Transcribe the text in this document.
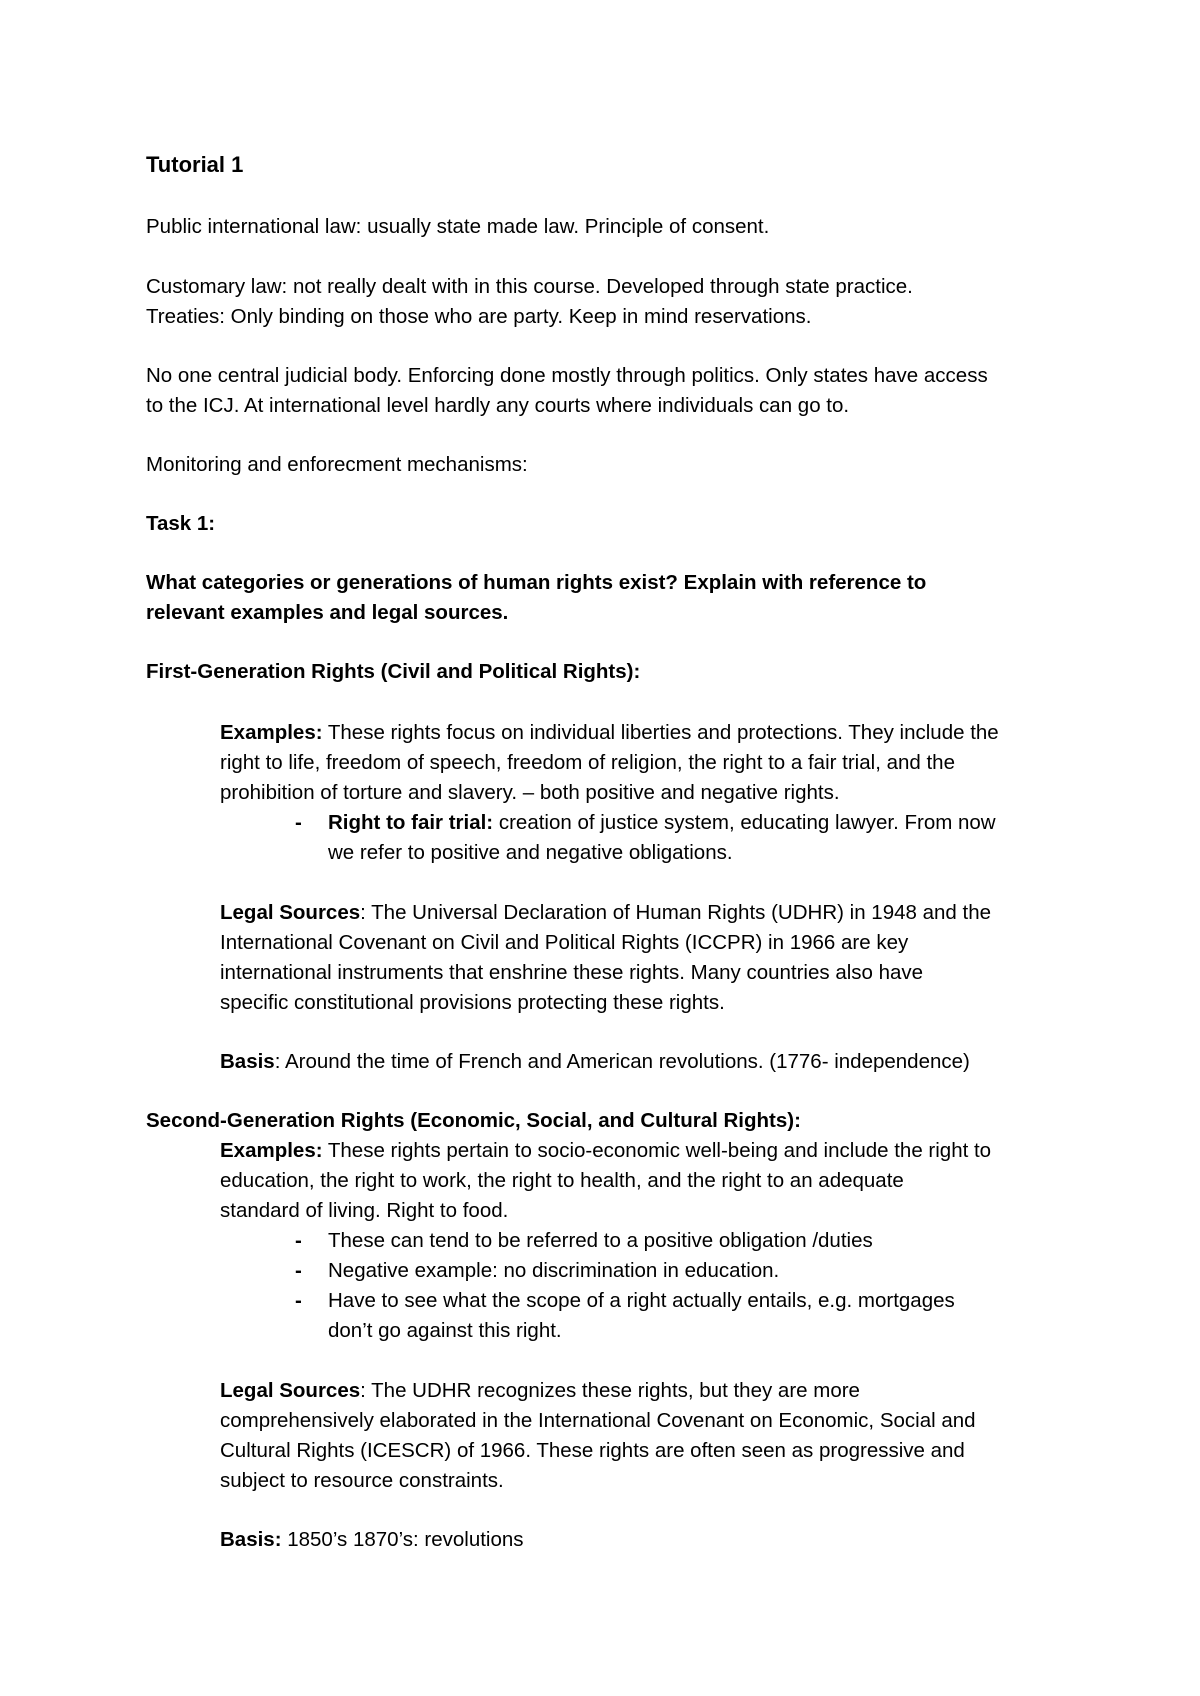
Tutorial 1
Public international law: usually state made law. Principle of consent.
Customary law: not really dealt with in this course. Developed through state practice.
Treaties: Only binding on those who are party. Keep in mind reservations.
No one central judicial body. Enforcing done mostly through politics. Only states have access
to the ICJ. At international level hardly any courts where individuals can go to.
Monitoring and enforecment mechanisms:
Task 1:
What categories or generations of human rights exist? Explain with reference to
relevant examples and legal sources.
First-Generation Rights (Civil and Political Rights):
Examples: These rights focus on individual liberties and protections. They include the
right to life, freedom of speech, freedom of religion, the right to a fair trial, and the
prohibition of torture and slavery. – both positive and negative rights.
- Right to fair trial: creation of justice system, educating lawyer. From now
we refer to positive and negative obligations.
Legal Sources: The Universal Declaration of Human Rights (UDHR) in 1948 and the
International Covenant on Civil and Political Rights (ICCPR) in 1966 are key
international instruments that enshrine these rights. Many countries also have
specific constitutional provisions protecting these rights.
Basis: Around the time of French and American revolutions. (1776- independence)
Second-Generation Rights (Economic, Social, and Cultural Rights):
Examples: These rights pertain to socio-economic well-being and include the right to
education, the right to work, the right to health, and the right to an adequate
standard of living. Right to food.
- These can tend to be referred to a positive obligation /duties
- Negative example: no discrimination in education.
- Have to see what the scope of a right actually entails, e.g. mortgages
don’t go against this right.
Legal Sources: The UDHR recognizes these rights, but they are more
comprehensively elaborated in the International Covenant on Economic, Social and
Cultural Rights (ICESCR) of 1966. These rights are often seen as progressive and
subject to resource constraints.
Basis: 1850’s 1870’s: revolutions
